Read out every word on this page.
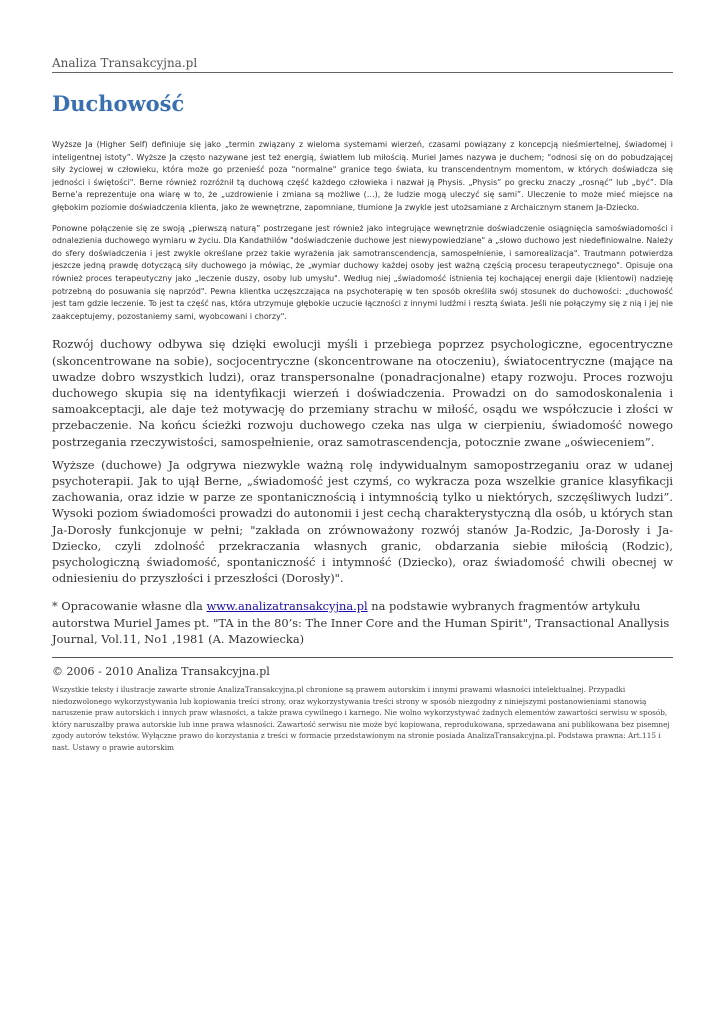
Analiza Transakcyjna.pl
Duchowość

Wyższe Ja (Higher Self) definiuje się jako „termin związany z wieloma systemami wierzeń, czasami powiązany z koncepcją nieśmiertelnej, świadomej i inteligentnej istoty”. Wyższe Ja często nazywane jest też energią, światłem lub miłością. Muriel James nazywa je duchem; "odnosi się on do pobudzającej siły życiowej w człowieku, która może go przenieść poza "normalne" granice tego świata, ku transcendentnym momentom, w których doświadcza się jedności i świętości". Berne również rozróżnił tą duchową część każdego człowieka i nazwał ją Physis. „Physis” po grecku znaczy „rosnąć” lub „być”. Dla Berne’a reprezentuje ona wiarę w to, że „uzdrowienie i zmiana są możliwe (…), że ludzie mogą uleczyć się sami”. Uleczenie to może mieć miejsce na głębokim poziomie doświadczenia klienta, jako że wewnętrzne, zapomniane, tłumione Ja zwykle jest utożsamiane z Archaicznym stanem Ja-Dziecko.

Ponowne połączenie się ze swoją „pierwszą naturą” postrzegane jest również jako integrujące wewnętrznie doświadczenie osiągnięcia samoświadomości i odnalezienia duchowego wymiaru w życiu. Dla Kandathilów "doświadczenie duchowe jest niewypowiedziane" a „słowo duchowo jest niedefiniowalne. Należy do sfery doświadczenia i jest zwykle określane przez takie wyrażenia jak samotranscendencja, samospełnienie, i samorealizacja". Trautmann potwierdza jeszcze jedną prawdę dotyczącą siły duchowego ja mówiąc, że „wymiar duchowy każdej osoby jest ważną częścią procesu terapeutycznego". Opisuje ona również proces terapeutyczny jako „leczenie duszy, osoby lub umysłu". Według niej „świadomość istnienia tej kochającej energii daje (klientowi) nadzieję potrzebną do posuwania się naprzód". Pewna klientka uczęszczająca na psychoterapię w ten sposób określiła swój stosunek do duchowości: „duchowość jest tam gdzie leczenie. To jest ta część nas, która utrzymuje głębokie uczucie łączności z innymi ludźmi i resztą świata. Jeśli nie połączymy się z nią i jej nie zaakceptujemy, pozostaniemy sami, wyobcowani i chorzy".

Rozwój duchowy odbywa się dzięki ewolucji myśli i przebiega poprzez psychologiczne, egocentryczne (skoncentrowane na sobie), socjocentryczne (skoncentrowane na otoczeniu), światocentryczne (mające na uwadze dobro wszystkich ludzi), oraz transpersonalne (ponadracjonalne) etapy rozwoju. Proces rozwoju duchowego skupia się na identyfikacji wierzeń i doświadczenia. Prowadzi on do samodoskonalenia i samoakceptacji, ale daje też motywację do przemiany strachu w miłość, osądu we współczucie i złości w przebaczenie. Na końcu ścieżki rozwoju duchowego czeka nas ulga w cierpieniu, świadomość nowego postrzegania rzeczywistości, samospełnienie, oraz samotrascendencja, potocznie zwane „oświeceniem”.

Wyższe (duchowe) Ja odgrywa niezwykle ważną rolę indywidualnym samopostrzeganiu oraz w udanej psychoterapii. Jak to ujął Berne, „świadomość jest czymś, co wykracza poza wszelkie granice klasyfikacji zachowania, oraz idzie w parze ze spontanicznością i intymnością tylko u niektórych, szczęśliwych ludzi”. Wysoki poziom świadomości prowadzi do autonomii i jest cechą charakterystyczną dla osób, u których stan Ja-Dorosły funkcjonuje w pełni; "zakłada on zrównoważony rozwój stanów Ja-Rodzic, Ja-Dorosły i Ja-Dziecko, czyli zdolność przekraczania własnych granic, obdarzania siebie miłością (Rodzic), psychologiczną świadomość, spontaniczność i intymność (Dziecko), oraz świadomość chwili obecnej w odniesieniu do przyszłości i przeszłości (Dorosły)".

* Opracowanie własne dla www.analizatransakcyjna.pl na podstawie wybranych fragmentów artykułu autorstwa Muriel James pt. "TA in the 80’s: The Inner Core and the Human Spirit", Transactional Anallysis Journal, Vol.11, No1 ,1981 (A. Mazowiecka)

© 2006 - 2010 Analiza Transakcyjna.pl

Wszystkie teksty i ilustracje zawarte stronie AnalizaTransakcyjna.pl chronione są prawem autorskim i innymi prawami własności intelektualnej. Przypadki niedozwolonego wykorzystywania lub kopiowania treści strony, oraz wykorzystywania treści strony w sposób niezgodny z niniejszymi postanowieniami stanowią naruszenie praw autorskich i innych praw własności, a także prawa cywilnego i karnego. Nie wolno wykorzystywać żadnych elementów zawartości serwisu w sposób, który naruszałby prawa autorskie lub inne prawa własności. Zawartość serwisu nie może być kopiowana, reprodukowana, sprzedawana ani publikowana bez pisemnej zgody autorów tekstów. Wyłączne prawo do korzystania z treści w formacie przedstawionym na stronie posiada AnalizaTransakcyjna.pl. Podstawa prawna: Art.115 i nast. Ustawy o prawie autorskim
